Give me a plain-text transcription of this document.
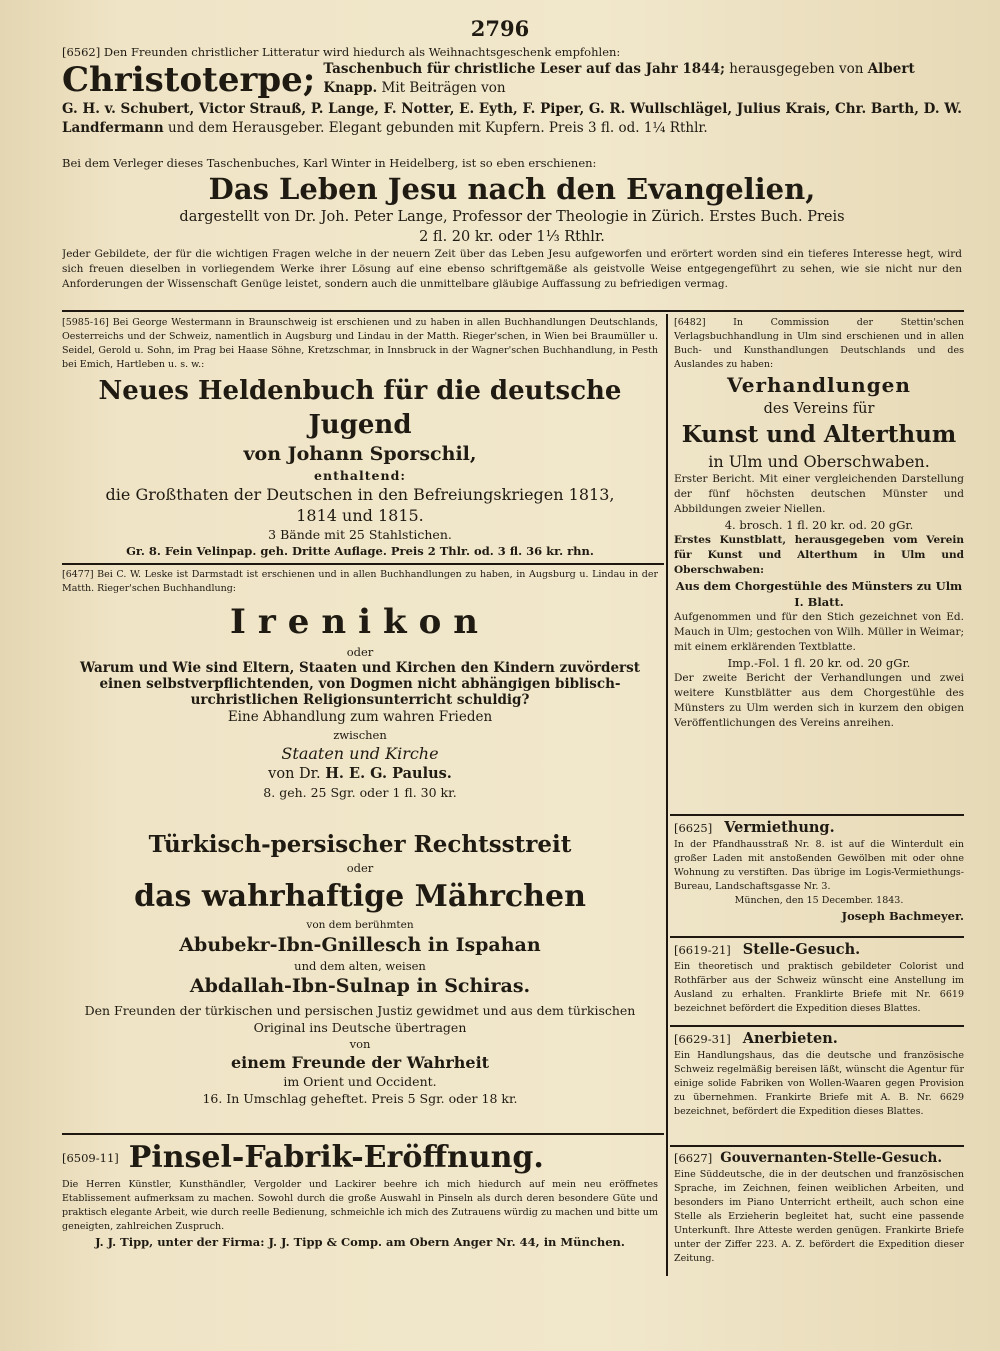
2796
[6562] Den Freunden christlicher Litteratur wird hiedurch als Weihnachtsgeschenk empfohlen:
Christoterpe; Taschenbuch für christliche Leser auf das Jahr 1844; herausgegeben von Albert Knapp. Mit Beiträgen von
G. H. v. Schubert, Victor Strauß, P. Lange, F. Notter, E. Eyth, F. Piper, G. R. Wullschlägel, Julius Krais, Chr. Barth, D. W. Landfermann und dem Herausgeber. Elegant gebunden mit Kupfern. Preis 3 fl. od. 1¼ Rthlr.
Bei dem Verleger dieses Taschenbuches, Karl Winter in Heidelberg, ist so eben erschienen:
Das Leben Jesu nach den Evangelien,
dargestellt von Dr. Joh. Peter Lange, Professor der Theologie in Zürich. Erstes Buch. Preis
2 fl. 20 kr. oder 1⅓ Rthlr.
Jeder Gebildete, der für die wichtigen Fragen welche in der neuern Zeit über das Leben Jesu aufgeworfen und erörtert worden sind ein tieferes Interesse hegt, wird sich freuen dieselben in vorliegendem Werke ihrer Lösung auf eine ebenso schriftgemäße als geistvolle Weise entgegengeführt zu sehen, wie sie nicht nur den Anforderungen der Wissenschaft Genüge leistet, sondern auch die unmittelbare gläubige Auffassung zu befriedigen vermag.
[5985-16] Bei George Westermann in Braunschweig ist erschienen und zu haben in allen Buchhandlungen Deutschlands, Oesterreichs und der Schweiz, namentlich in Augsburg und Lindau in der Matth. Rieger'schen, in Wien bei Braumüller u. Seidel, Gerold u. Sohn, im Prag bei Haase Söhne, Kretzschmar, in Innsbruck in der Wagner'schen Buchhandlung, in Pesth bei Emich, Hartleben u. s. w.:
Neues Heldenbuch für die deutsche Jugend
von Johann Sporschil,
enthaltend:
die Großthaten der Deutschen in den Befreiungskriegen 1813,
1814 und 1815.
3 Bände mit 25 Stahlstichen.
Gr. 8. Fein Velinpap. geh. Dritte Auflage. Preis 2 Thlr. od. 3 fl. 36 kr. rhn.
[6477] Bei C. W. Leske ist Darmstadt ist erschienen und in allen Buchhandlungen zu haben, in Augsburg u. Lindau in der Matth. Rieger'schen Buchhandlung:
Irenikon
oder
Warum und Wie sind Eltern, Staaten und Kirchen den Kindern zuvörderst einen selbstverpflichtenden, von Dogmen nicht abhängigen biblisch-urchristlichen Religionsunterricht schuldig?
Eine Abhandlung zum wahren Frieden
zwischen
Staaten und Kirche
von Dr. H. E. G. Paulus.
8. geh. 25 Sgr. oder 1 fl. 30 kr.
Türkisch-persischer Rechtsstreit
oder
das wahrhaftige Mährchen
von dem berühmten
Abubekr-Ibn-Gnillesch in Ispahan
und dem alten, weisen
Abdallah-Ibn-Sulnap in Schiras.
Den Freunden der türkischen und persischen Justiz gewidmet und aus dem türkischen Original ins Deutsche übertragen
von
einem Freunde der Wahrheit
im Orient und Occident.
16. In Umschlag geheftet. Preis 5 Sgr. oder 18 kr.
[6509-11] Pinsel-Fabrik-Eröffnung.
Die Herren Künstler, Kunsthändler, Vergolder und Lackirer beehre ich mich hiedurch auf mein neu eröffnetes Etablissement aufmerksam zu machen. Sowohl durch die große Auswahl in Pinseln als durch deren besondere Güte und praktisch elegante Arbeit, wie durch reelle Bedienung, schmeichle ich mich des Zutrauens würdig zu machen und bitte um geneigten, zahlreichen Zuspruch.
J. J. Tipp, unter der Firma: J. J. Tipp & Comp. am Obern Anger Nr. 44, in München.
[6482] In Commission der Stettin'schen Verlagsbuchhandlung in Ulm sind erschienen und in allen Buch- und Kunsthandlungen Deutschlands und des Auslandes zu haben:
Verhandlungen
des Vereins für
Kunst und Alterthum
in Ulm und Oberschwaben.
Erster Bericht. Mit einer vergleichenden Darstellung der fünf höchsten deutschen Münster und Abbildungen zweier Niellen.
4. brosch. 1 fl. 20 kr. od. 20 gGr.
Erstes Kunstblatt, herausgegeben vom Verein für Kunst und Alterthum in Ulm und Oberschwaben:
Aus dem Chorgestühle des Münsters zu Ulm I. Blatt.
Aufgenommen und für den Stich gezeichnet von Ed. Mauch in Ulm; gestochen von Wilh. Müller in Weimar; mit einem erklärenden Textblatte.
Imp.-Fol. 1 fl. 20 kr. od. 20 gGr.
Der zweite Bericht der Verhandlungen und zwei weitere Kunstblätter aus dem Chorgestühle des Münsters zu Ulm werden sich in kurzem den obigen Veröffentlichungen des Vereins anreihen.
[6625] Vermiethung.
In der Pfandhausstraß Nr. 8. ist auf die Winterdult ein großer Laden mit anstoßenden Gewölben mit oder ohne Wohnung zu verstiften. Das übrige im Logis-Vermiethungs-Bureau, Landschaftsgasse Nr. 3.
München, den 15 December. 1843.
Joseph Bachmeyer.
[6619-21] Stelle-Gesuch.
Ein theoretisch und praktisch gebildeter Colorist und Rothfärber aus der Schweiz wünscht eine Anstellung im Ausland zu erhalten. Franklirte Briefe mit Nr. 6619 bezeichnet befördert die Expedition dieses Blattes.
[6629-31] Anerbieten.
Ein Handlungshaus, das die deutsche und französische Schweiz regelmäßig bereisen läßt, wünscht die Agentur für einige solide Fabriken von Wollen-Waaren gegen Provision zu übernehmen. Frankirte Briefe mit A. B. Nr. 6629 bezeichnet, befördert die Expedition dieses Blattes.
[6627] Gouvernanten-Stelle-Gesuch.
Eine Süddeutsche, die in der deutschen und französischen Sprache, im Zeichnen, feinen weiblichen Arbeiten, und besonders im Piano Unterricht ertheilt, auch schon eine Stelle als Erzieherin begleitet hat, sucht eine passende Unterkunft. Ihre Atteste werden genügen. Frankirte Briefe unter der Ziffer 223. A. Z. befördert die Expedition dieser Zeitung.
